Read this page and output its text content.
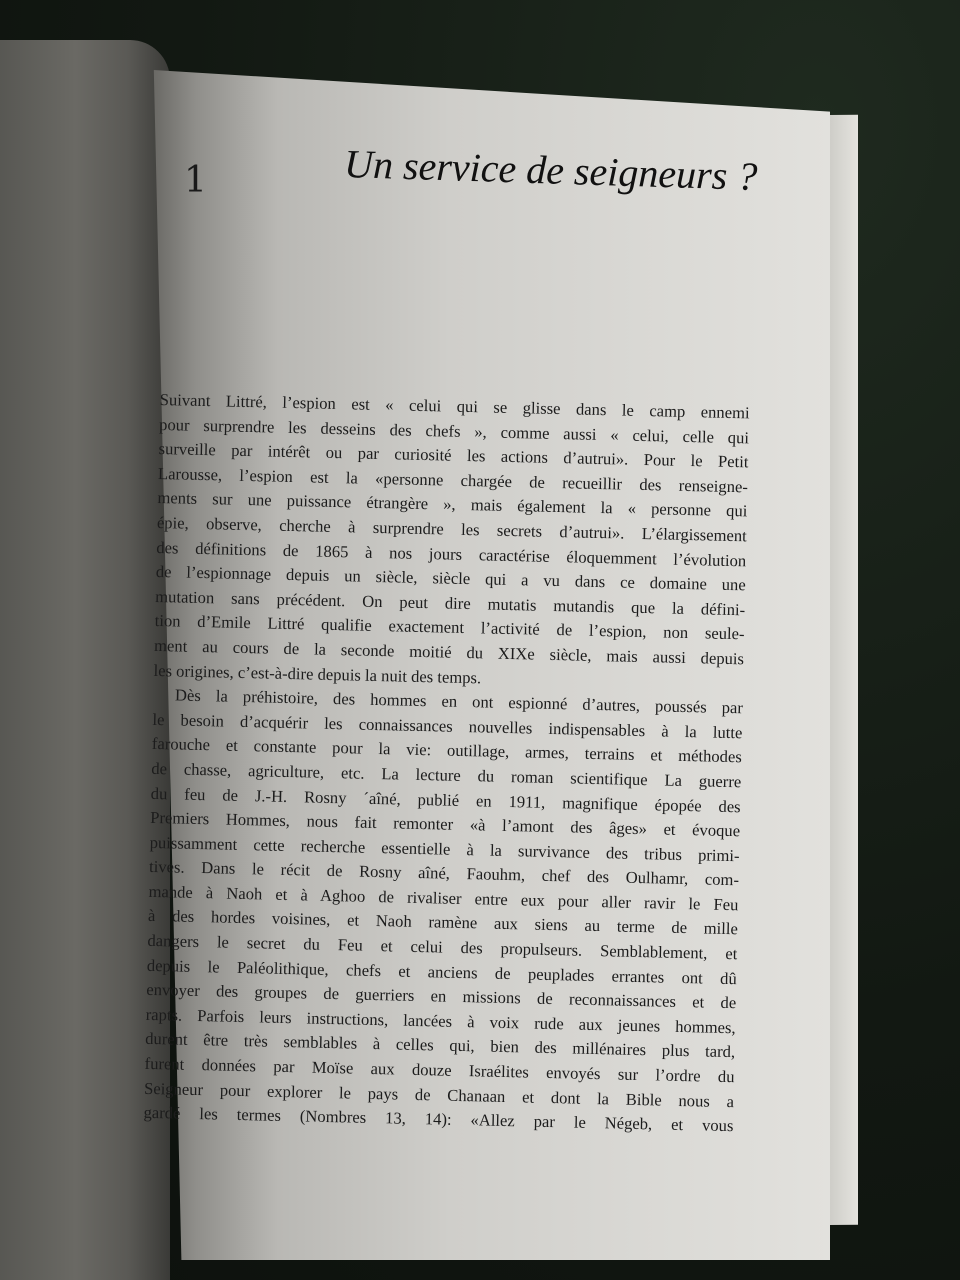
1	Un service de seigneurs ?
Suivant Littré, l’espion est « celui qui se glisse dans le camp ennemi
pour surprendre les desseins des chefs », comme aussi « celui, celle qui
surveille par intérêt ou par curiosité les actions d’autrui». Pour le Petit
Larousse, l’espion est la «personne chargée de recueillir des renseigne-
ments sur une puissance étrangère », mais également la « personne qui
épie, observe, cherche à surprendre les secrets d’autrui». L’élargissement
des définitions de 1865 à nos jours caractérise éloquemment l’évolution
de l’espionnage depuis un siècle, siècle qui a vu dans ce domaine une
mutation sans précédent. On peut dire mutatis mutandis que la défini-
tion d’Emile Littré qualifie exactement l’activité de l’espion, non seule-
ment au cours de la seconde moitié du XIXe siècle, mais aussi depuis
les origines, c’est-à-dire depuis la nuit des temps.
Dès la préhistoire, des hommes en ont espionné d’autres, poussés par
le besoin d’acquérir les connaissances nouvelles indispensables à la lutte
farouche et constante pour la vie: outillage, armes, terrains et méthodes
de chasse, agriculture, etc. La lecture du roman scientifique La guerre
du feu de J.-H. Rosny ´aîné, publié en 1911, magnifique épopée des
Premiers Hommes, nous fait remonter «à l’amont des âges» et évoque
puissamment cette recherche essentielle à la survivance des tribus primi-
tives. Dans le récit de Rosny aîné, Faouhm, chef des Oulhamr, com-
mande à Naoh et à Aghoo de rivaliser entre eux pour aller ravir le Feu
à des hordes voisines, et Naoh ramène aux siens au terme de mille
dangers le secret du Feu et celui des propulseurs. Semblablement, et
depuis le Paléolithique, chefs et anciens de peuplades errantes ont dû
envoyer des groupes de guerriers en missions de reconnaissances et de
rapts. Parfois leurs instructions, lancées à voix rude aux jeunes hommes,
durent être très semblables à celles qui, bien des millénaires plus tard,
furent données par Moïse aux douze Israélites envoyés sur l’ordre du
Seigneur pour explorer le pays de Chanaan et dont la Bible nous a
gardé les termes (Nombres 13, 14): «Allez par le Négeb, et vous
